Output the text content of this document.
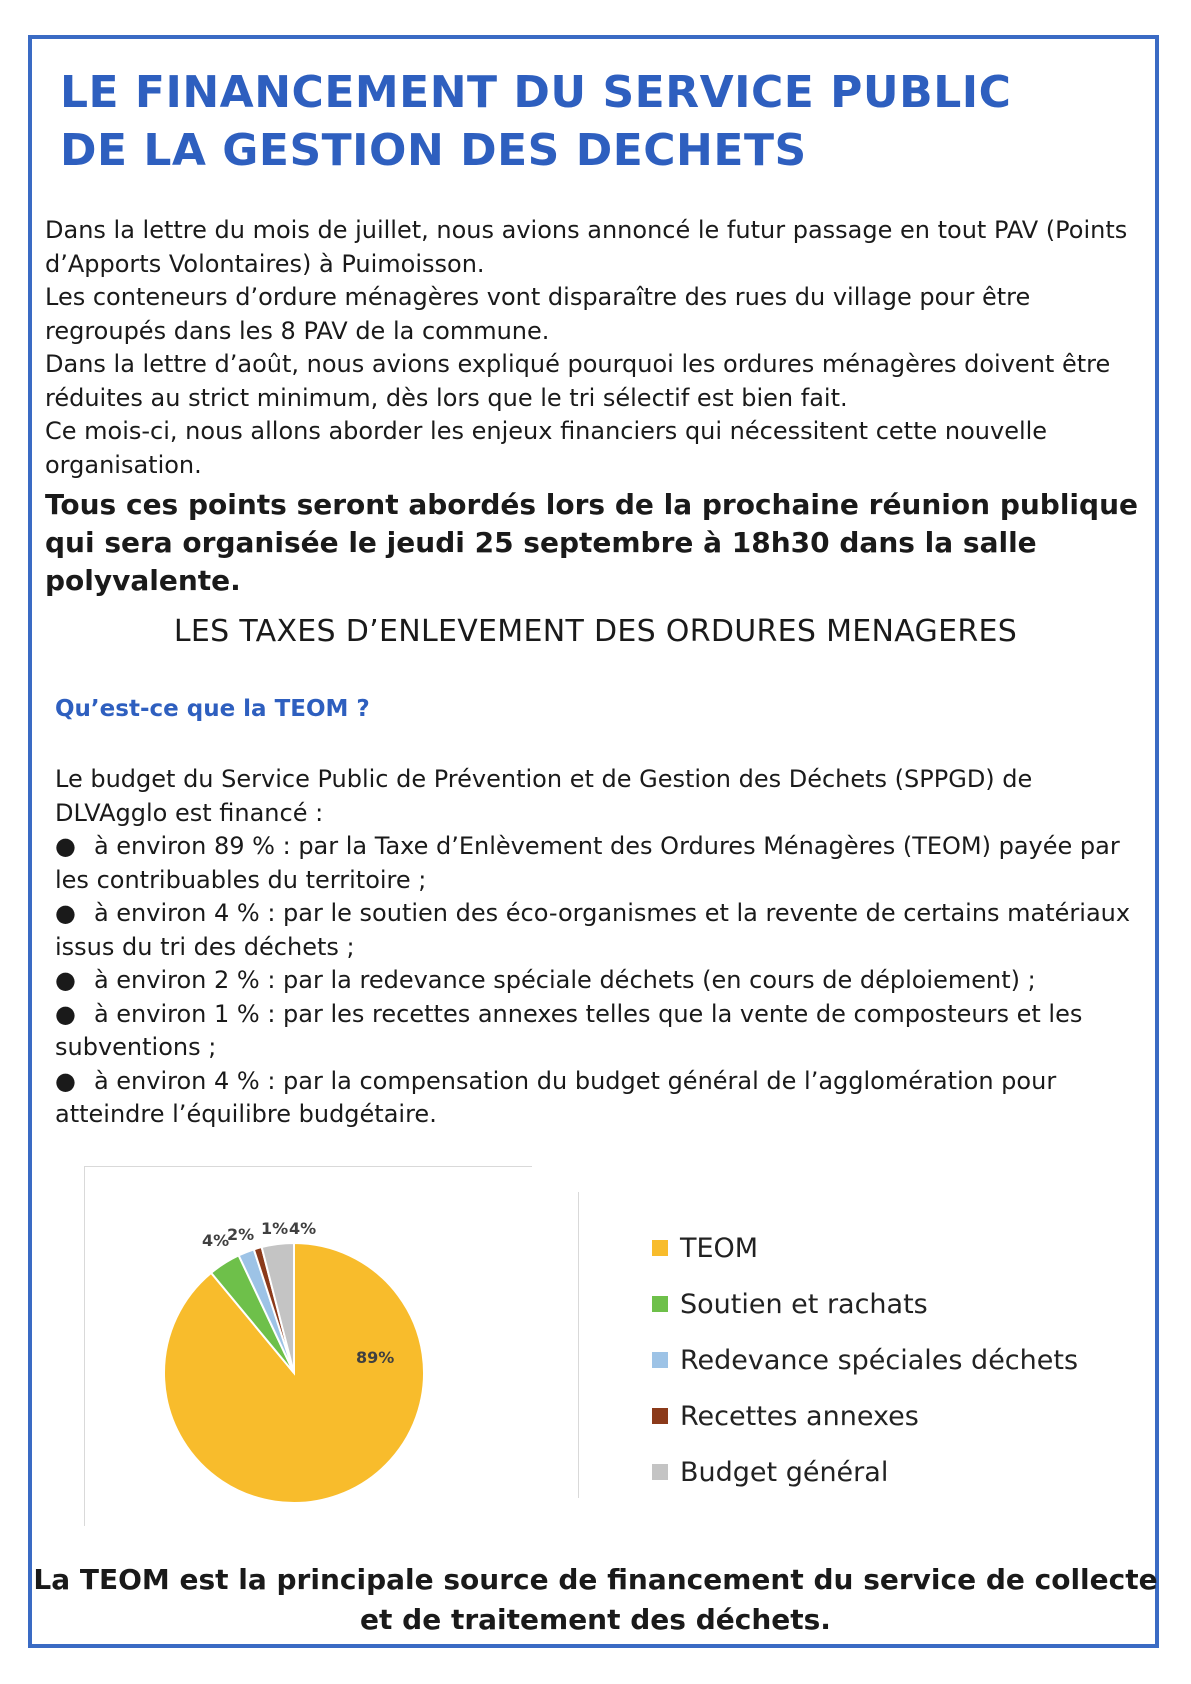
LE FINANCEMENT DU SERVICE PUBLIC
DE LA GESTION DES DECHETS

Dans la lettre du mois de juillet, nous avions annoncé le futur passage en tout PAV (Points d’Apports Volontaires) à Puimoisson.

Les conteneurs d’ordure ménagères vont disparaître des rues du village pour être regroupés dans les 8 PAV de la commune.

Dans la lettre d’août, nous avions expliqué pourquoi les ordures ménagères doivent être réduites au strict minimum, dès lors que le tri sélectif est bien fait.

Ce mois-ci, nous allons aborder les enjeux financiers qui nécessitent cette nouvelle organisation.

Tous ces points seront abordés lors de la prochaine réunion publique qui sera organisée le jeudi 25 septembre à 18h30 dans la salle polyvalente.

LES TAXES D’ENLEVEMENT DES ORDURES MENAGERES
Qu’est-ce que la TEOM ?

Le budget du Service Public de Prévention et de Gestion des Déchets (SPPGD) de DLVAgglo est financé :

● à environ 89 % : par la Taxe d’Enlèvement des Ordures Ménagères (TEOM) payée par les contribuables du territoire ;
● à environ 4 % : par le soutien des éco-organismes et la revente de certains matériaux issus du tri des déchets ;
● à environ 2 % : par la redevance spéciale déchets (en cours de déploiement) ;
● à environ 1 % : par les recettes annexes telles que la vente de composteurs et les subventions ;
● à environ 4 % : par la compensation du budget général de l’agglomération pour atteindre l’équilibre budgétaire.
89%
4%
2% 1% 4%
TEOM
Soutien et rachats
Redevance spéciales déchets
Recettes annexes
Budget général

La TEOM est la principale source de financement du service de collecte
et de traitement des déchets.
